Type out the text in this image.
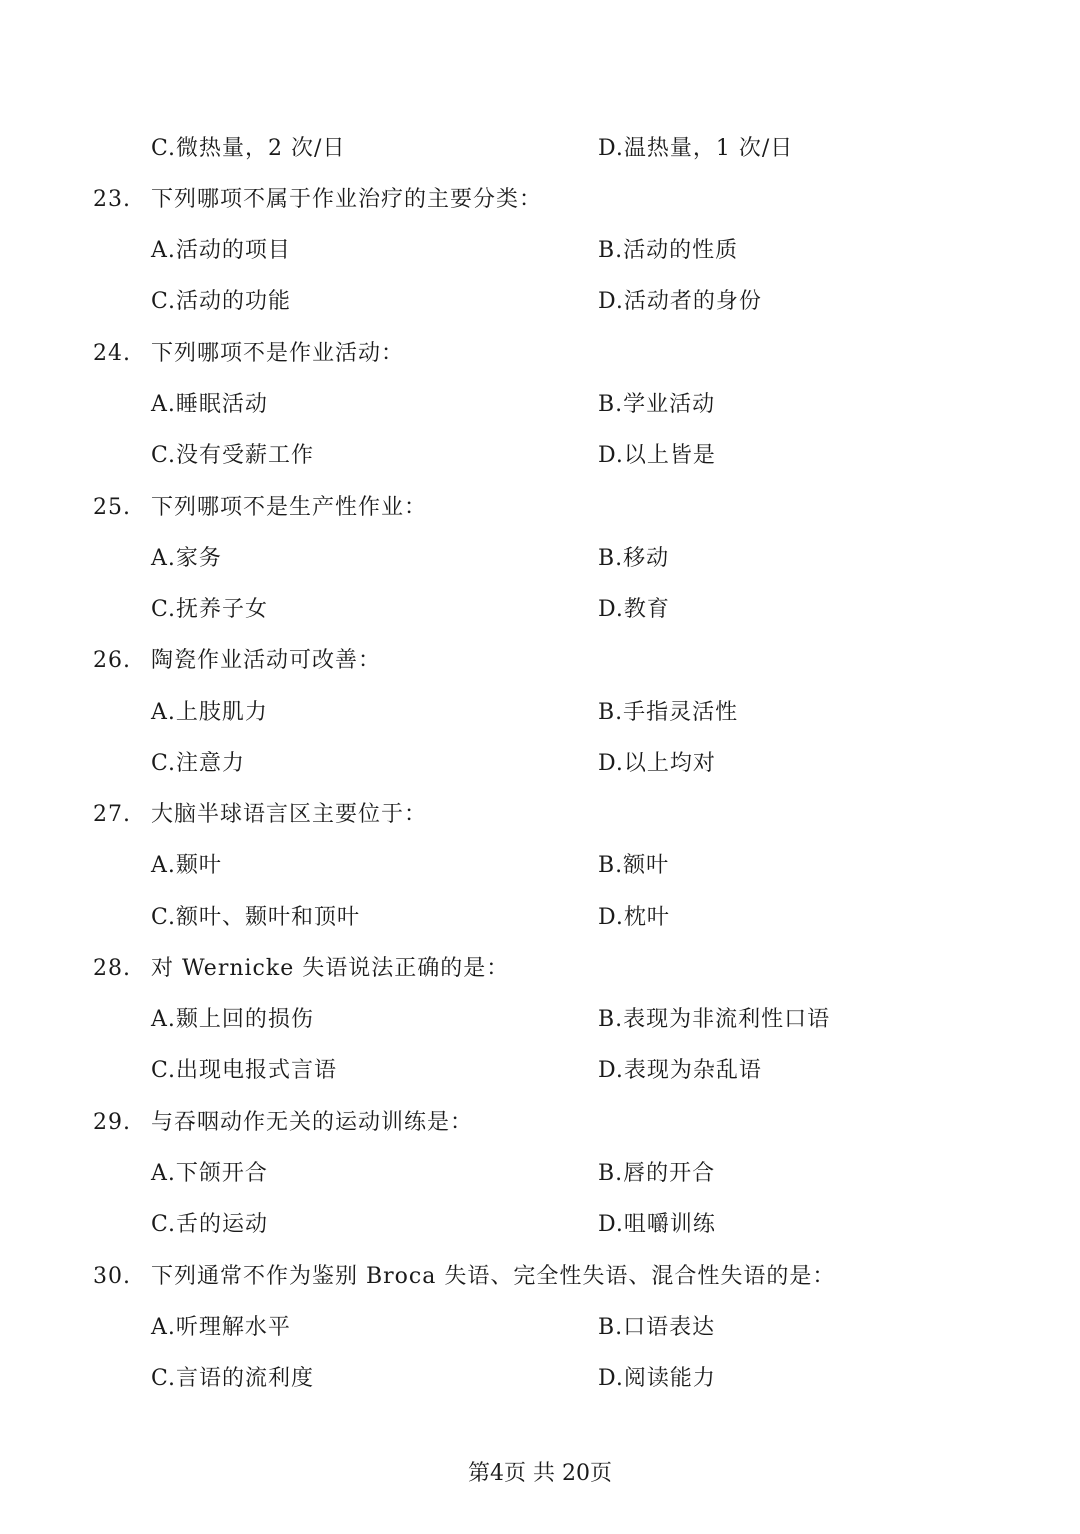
C.微热量，2 次/日	D.温热量，1 次/日
23. 下列哪项不属于作业治疗的主要分类：
A.活动的项目	B.活动的性质
C.活动的功能	D.活动者的身份
24. 下列哪项不是作业活动：
A.睡眠活动	B.学业活动
C.没有受薪工作	D.以上皆是
25. 下列哪项不是生产性作业：
A.家务	B.移动
C.抚养子女	D.教育
26. 陶瓷作业活动可改善：
A.上肢肌力	B.手指灵活性
C.注意力	D.以上均对
27. 大脑半球语言区主要位于：
A.颞叶	B.额叶
C.额叶、颞叶和顶叶	D.枕叶
28. 对 Wernicke 失语说法正确的是：
A.颞上回的损伤	B.表现为非流利性口语
C.出现电报式言语	D.表现为杂乱语
29. 与吞咽动作无关的运动训练是：
A.下颌开合	B.唇的开合
C.舌的运动	D.咀嚼训练
30. 下列通常不作为鉴别 Broca 失语、完全性失语、混合性失语的是：
A.听理解水平	B.口语表达
C.言语的流利度	D.阅读能力
第4页 共 20页
